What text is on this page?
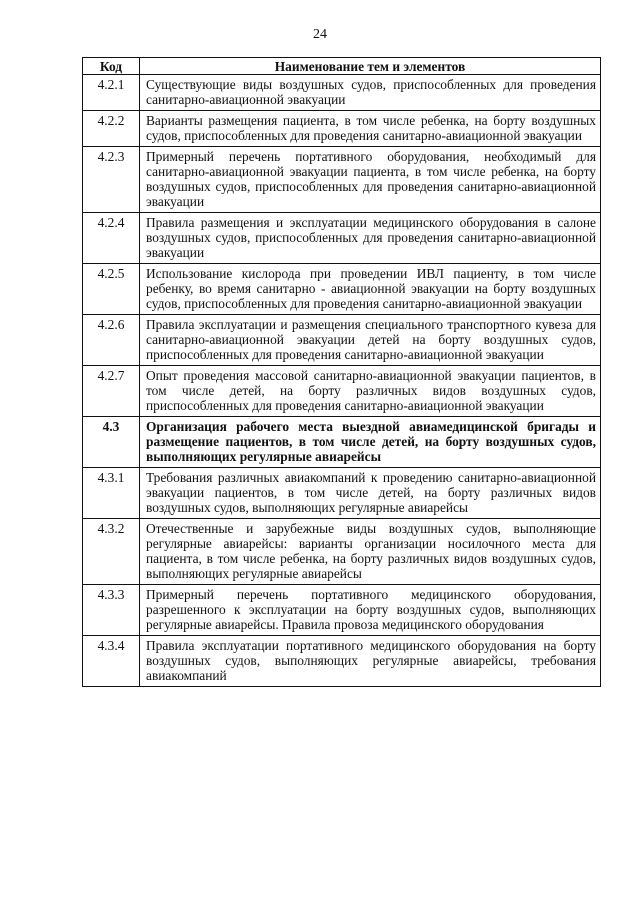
24
Код	Наименование тем и элементов
4.2.1	Существующие виды воздушных судов, приспособленных для проведения санитарно-авиационной эвакуации
4.2.2	Варианты размещения пациента, в том числе ребенка, на борту воздушных судов, приспособленных для проведения санитарно-авиационной эвакуации
4.2.3	Примерный перечень портативного оборудования, необходимый для санитарно-авиационной эвакуации пациента, в том числе ребенка, на борту воздушных судов, приспособленных для проведения санитарно-авиационной эвакуации
4.2.4	Правила размещения и эксплуатации медицинского оборудования в салоне воздушных судов, приспособленных для проведения санитарно-авиационной эвакуации
4.2.5	Использование кислорода при проведении ИВЛ пациенту, в том числе ребенку, во время санитарно - авиационной эвакуации на борту воздушных судов, приспособленных для проведения санитарно-авиационной эвакуации
4.2.6	Правила эксплуатации и размещения специального транспортного кувеза для санитарно-авиационной эвакуации детей на борту воздушных судов, приспособленных для проведения санитарно-авиационной эвакуации
4.2.7	Опыт проведения массовой санитарно-авиационной эвакуации пациентов, в том числе детей, на борту различных видов воздушных судов, приспособленных для проведения санитарно-авиационной эвакуации
4.3	Организация рабочего места выездной авиамедицинской бригады и размещение пациентов, в том числе детей, на борту воздушных судов, выполняющих регулярные авиарейсы
4.3.1	Требования различных авиакомпаний к проведению санитарно-авиационной эвакуации пациентов, в том числе детей, на борту различных видов воздушных судов, выполняющих регулярные авиарейсы
4.3.2	Отечественные и зарубежные виды воздушных судов, выполняющие регулярные авиарейсы: варианты организации носилочного места для пациента, в том числе ребенка, на борту различных видов воздушных судов, выполняющих регулярные авиарейсы
4.3.3	Примерный перечень портативного медицинского оборудования, разрешенного к эксплуатации на борту воздушных судов, выполняющих регулярные авиарейсы. Правила провоза медицинского оборудования
4.3.4	Правила эксплуатации портативного медицинского оборудования на борту воздушных судов, выполняющих регулярные авиарейсы, требования авиакомпаний
